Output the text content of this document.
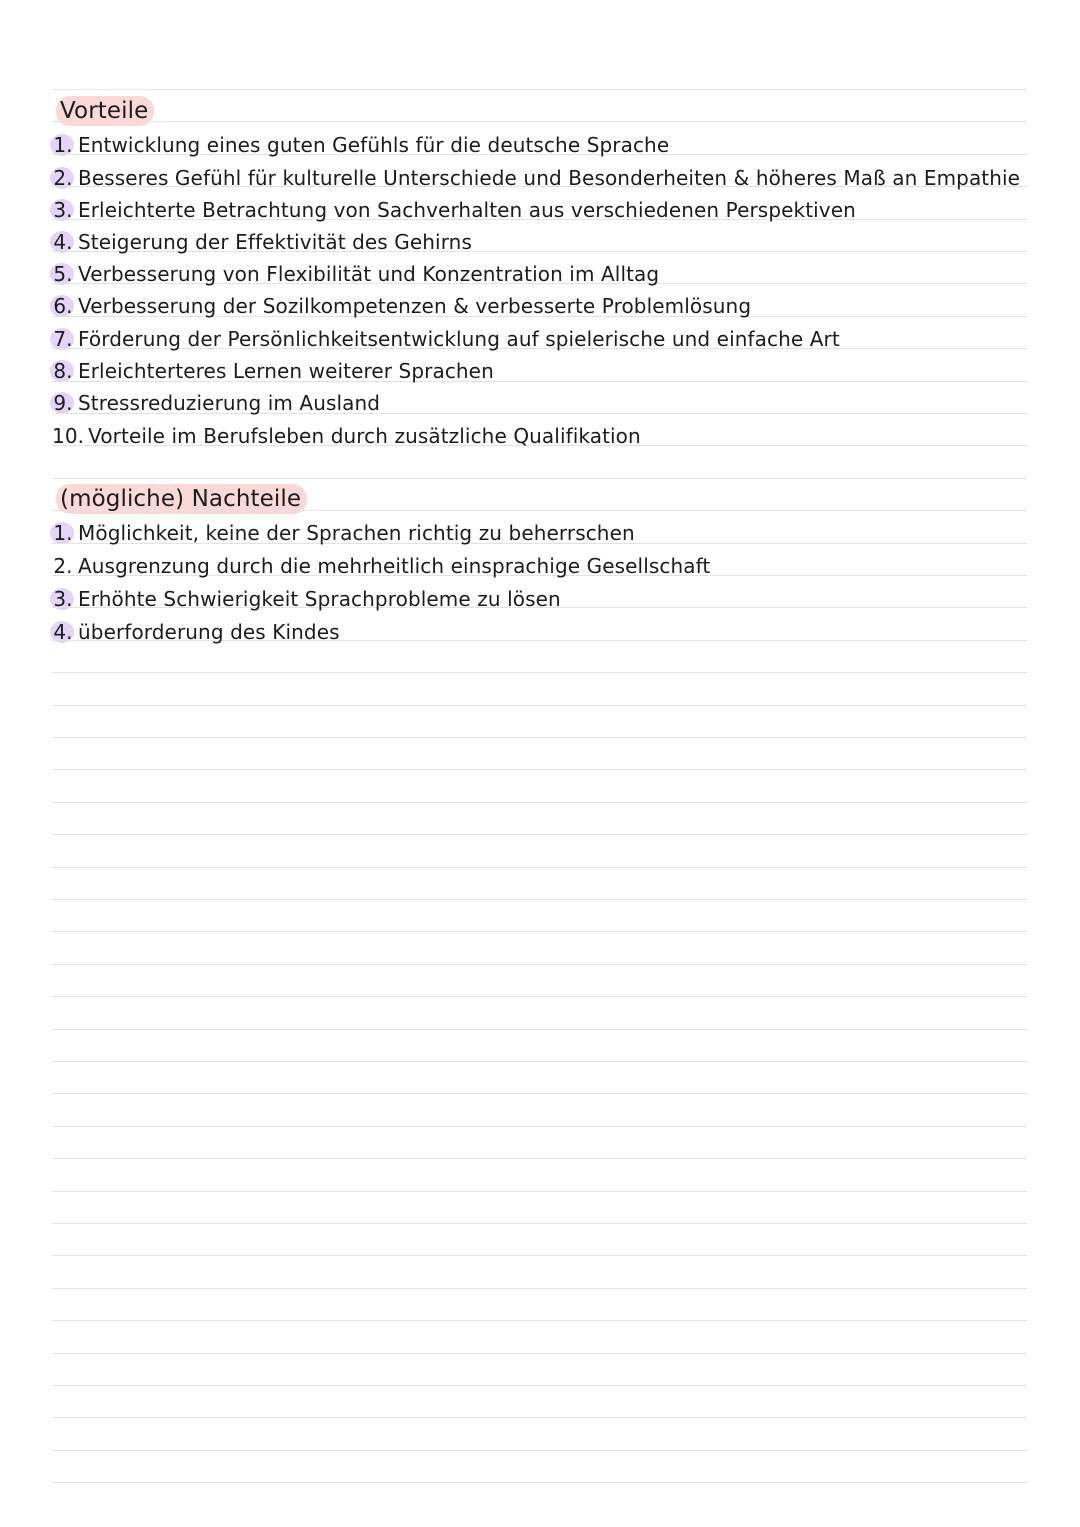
Vorteile
1. Entwicklung eines guten Gefühls für die deutsche Sprache
2. Besseres Gefühl für kulturelle Unterschiede und Besonderheiten & höheres Maß an Empathie
3. Erleichterte Betrachtung von Sachverhalten aus verschiedenen Perspektiven
4. Steigerung der Effektivität des Gehirns
5. Verbesserung von Flexibilität und Konzentration im Alltag
6. Verbesserung der Sozilkompetenzen & verbesserte Problemlösung
7. Förderung der Persönlichkeitsentwicklung auf spielerische und einfache Art
8. Erleichterteres Lernen weiterer Sprachen
9. Stressreduzierung im Ausland
10. Vorteile im Berufsleben durch zusätzliche Qualifikation
(mögliche) Nachteile
1. Möglichkeit, keine der Sprachen richtig zu beherrschen
2. Ausgrenzung durch die mehrheitlich einsprachige Gesellschaft
3. Erhöhte Schwierigkeit Sprachprobleme zu lösen
4. überforderung des Kindes
